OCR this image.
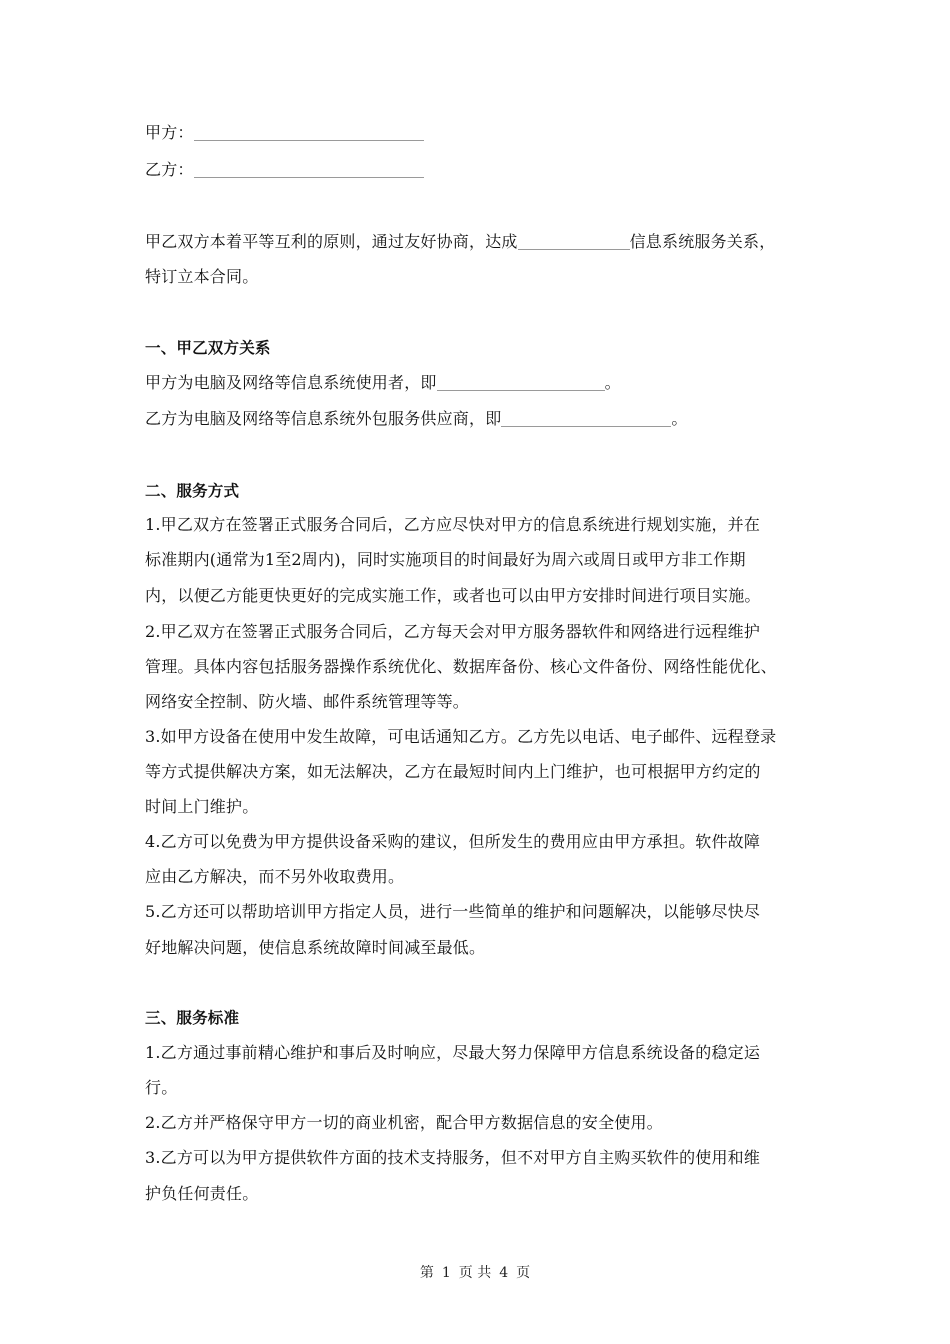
甲方：
乙方：
甲乙双方本着平等互利的原则，通过友好协商，达成	信息系统服务关系，
特订立本合同。
一、甲乙双方关系
甲方为电脑及网络等信息系统使用者，即	。
乙方为电脑及网络等信息系统外包服务供应商，即	。
二、服务方式
1.甲乙双方在签署正式服务合同后，乙方应尽快对甲方的信息系统进行规划实施，并在
标准期内(通常为1至2周内)，同时实施项目的时间最好为周六或周日或甲方非工作期
内，以便乙方能更快更好的完成实施工作，或者也可以由甲方安排时间进行项目实施。
2.甲乙双方在签署正式服务合同后，乙方每天会对甲方服务器软件和网络进行远程维护
管理。具体内容包括服务器操作系统优化、数据库备份、核心文件备份、网络性能优化、
网络安全控制、防火墙、邮件系统管理等等。
3.如甲方设备在使用中发生故障，可电话通知乙方。乙方先以电话、电子邮件、远程登录
等方式提供解决方案，如无法解决，乙方在最短时间内上门维护，也可根据甲方约定的
时间上门维护。
4.乙方可以免费为甲方提供设备采购的建议，但所发生的费用应由甲方承担。软件故障
应由乙方解决，而不另外收取费用。
5.乙方还可以帮助培训甲方指定人员，进行一些简单的维护和问题解决，以能够尽快尽
好地解决问题，使信息系统故障时间减至最低。
三、服务标准
1.乙方通过事前精心维护和事后及时响应，尽最大努力保障甲方信息系统设备的稳定运
行。
2.乙方并严格保守甲方一切的商业机密，配合甲方数据信息的安全使用。
3.乙方可以为甲方提供软件方面的技术支持服务，但不对甲方自主购买软件的使用和维
护负任何责任。
第 1 页 共 4 页
